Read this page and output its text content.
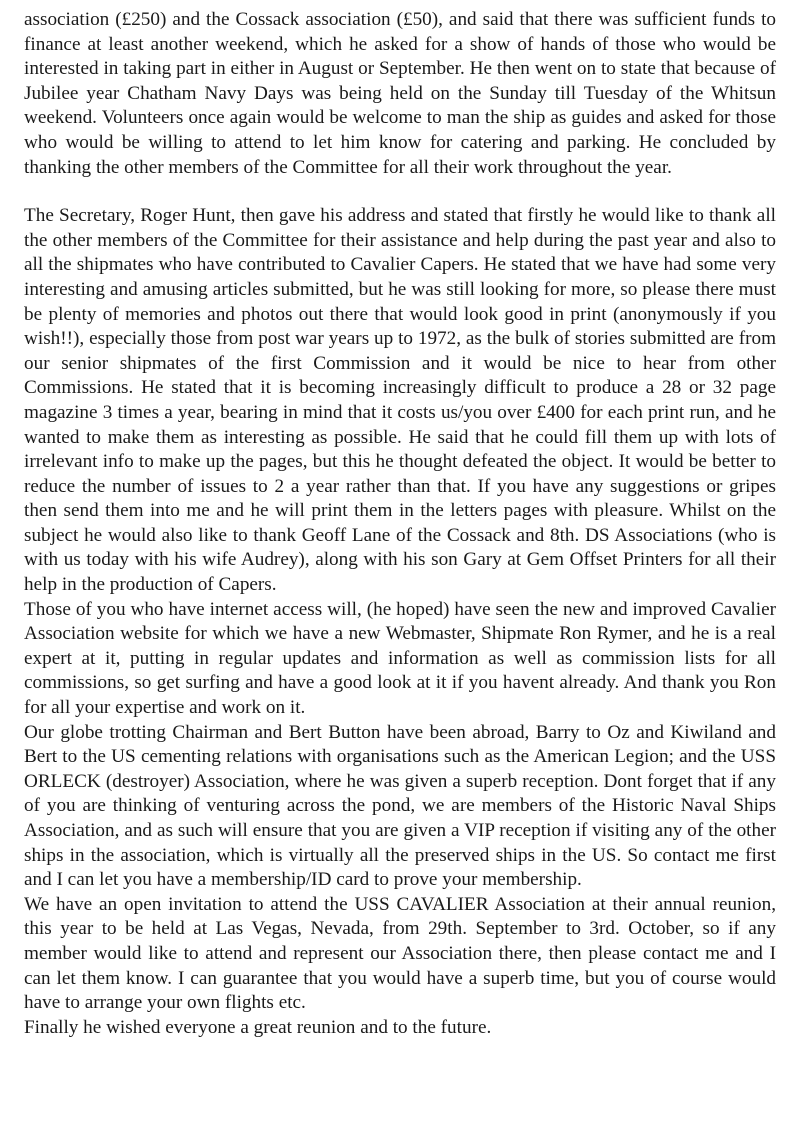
association (£250) and the Cossack association (£50), and said that there was sufficient funds to finance at least another weekend, which he asked for a show of hands of those who would be interested in taking part in either in August or September. He then went on to state that because of Jubilee year Chatham Navy Days was being held on the Sunday till Tuesday of the Whitsun weekend. Volunteers once again would be welcome to man the ship as guides and asked for those who would be willing to attend to let him know for catering and parking. He concluded by thanking the other members of the Committee for all their work throughout the year.

The Secretary, Roger Hunt, then gave his address and stated that firstly he would like to thank all the other members of the Committee for their assistance and help during the past year and also to all the shipmates who have contributed to Cavalier Capers. He stated that we have had some very interesting and amusing articles submitted, but he was still looking for more, so please there must be plenty of memories and photos out there that would look good in print (anonymously if you wish!!), especially those from post war years up to 1972, as the bulk of stories submitted are from our senior shipmates of the first Commission and it would be nice to hear from other Commissions. He stated that it is becoming increasingly difficult to produce a 28 or 32 page magazine 3 times a year, bearing in mind that it costs us/you over £400 for each print run, and he wanted to make them as interesting as possible. He said that he could fill them up with lots of irrelevant info to make up the pages, but this he thought defeated the object. It would be better to reduce the number of issues to 2 a year rather than that. If you have any suggestions or gripes then send them into me and he will print them in the letters pages with pleasure. Whilst on the subject he would also like to thank Geoff Lane of the Cossack and 8th. DS Associations (who is with us today with his wife Audrey), along with his son Gary at Gem Offset Printers for all their help in the production of Capers.

Those of you who have internet access will, (he hoped) have seen the new and improved Cavalier Association website for which we have a new Webmaster, Shipmate Ron Rymer, and he is a real expert at it, putting in regular updates and information as well as commission lists for all commissions, so get surfing and have a good look at it if you havent already. And thank you Ron for all your expertise and work on it.

Our globe trotting Chairman and Bert Button have been abroad, Barry to Oz and Kiwiland and Bert to the US cementing relations with organisations such as the American Legion; and the USS ORLECK (destroyer) Association, where he was given a superb reception. Dont forget that if any of you are thinking of venturing across the pond, we are members of the Historic Naval Ships Association, and as such will ensure that you are given a VIP reception if visiting any of the other ships in the association, which is virtually all the preserved ships in the US. So contact me first and I can let you have a membership/ID card to prove your membership.

We have an open invitation to attend the USS CAVALIER Association at their annual reunion, this year to be held at Las Vegas, Nevada, from 29th. September to 3rd. October, so if any member would like to attend and represent our Association there, then please contact me and I can let them know. I can guarantee that you would have a superb time, but you of course would have to arrange your own flights etc.

Finally he wished everyone a great reunion and to the future.
